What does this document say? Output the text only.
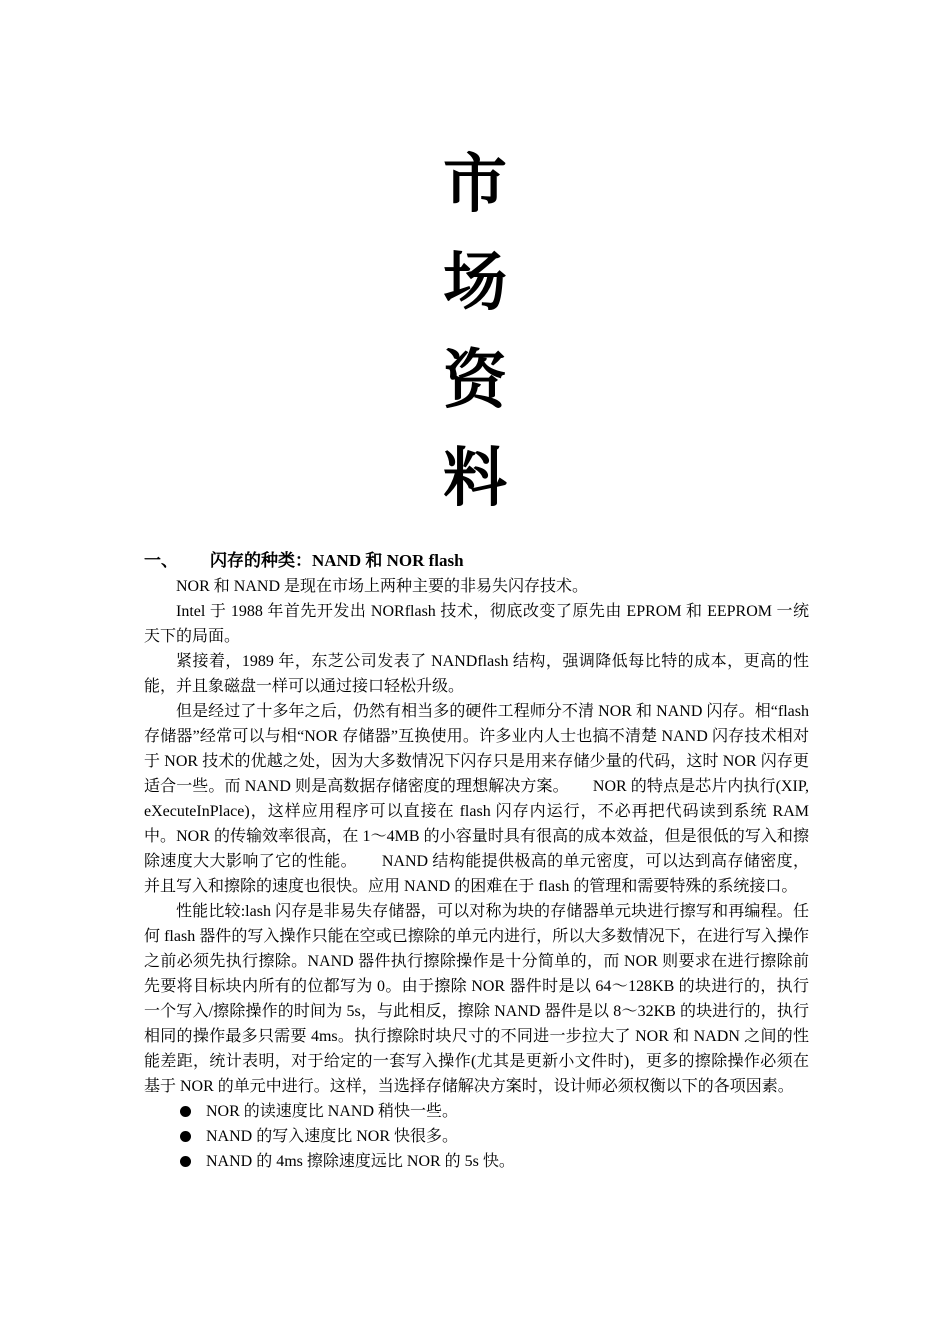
市
场
资
料
一、 闪存的种类：NAND 和 NOR flash

NOR 和 NAND 是现在市场上两种主要的非易失闪存技术。

Intel 于 1988 年首先开发出 NORflash 技术，彻底改变了原先由 EPROM 和 EEPROM 一统天下的局面。

紧接着，1989 年，东芝公司发表了 NANDflash 结构，强调降低每比特的成本，更高的性能，并且象磁盘一样可以通过接口轻松升级。

但是经过了十多年之后，仍然有相当多的硬件工程师分不清 NOR 和 NAND 闪存。相“flash 存储器”经常可以与相“NOR 存储器”互换使用。许多业内人士也搞不清楚 NAND 闪存技术相对于 NOR 技术的优越之处，因为大多数情况下闪存只是用来存储少量的代码，这时 NOR 闪存更适合一些。而 NAND 则是高数据存储密度的理想解决方案。　　NOR 的特点是芯片内执行(XIP,eXecuteInPlace)，这样应用程序可以直接在 flash 闪存内运行，不必再把代码读到系统 RAM 中。NOR 的传输效率很高，在 1～4MB 的小容量时具有很高的成本效益，但是很低的写入和擦除速度大大影响了它的性能。　　NAND 结构能提供极高的单元密度，可以达到高存储密度，并且写入和擦除的速度也很快。应用 NAND 的困难在于 flash 的管理和需要特殊的系统接口。

性能比较:lash 闪存是非易失存储器，可以对称为块的存储器单元块进行擦写和再编程。任何 flash 器件的写入操作只能在空或已擦除的单元内进行，所以大多数情况下，在进行写入操作之前必须先执行擦除。NAND 器件执行擦除操作是十分简单的，而 NOR 则要求在进行擦除前先要将目标块内所有的位都写为 0。由于擦除 NOR 器件时是以 64～128KB 的块进行的，执行一个写入/擦除操作的时间为 5s，与此相反，擦除 NAND 器件是以 8～32KB 的块进行的，执行相同的操作最多只需要 4ms。执行擦除时块尺寸的不同进一步拉大了 NOR 和 NADN 之间的性能差距，统计表明，对于给定的一套写入操作(尤其是更新小文件时)，更多的擦除操作必须在基于 NOR 的单元中进行。这样，当选择存储解决方案时，设计师必须权衡以下的各项因素。

NOR 的读速度比 NAND 稍快一些。
NAND 的写入速度比 NOR 快很多。
NAND 的 4ms 擦除速度远比 NOR 的 5s 快。
